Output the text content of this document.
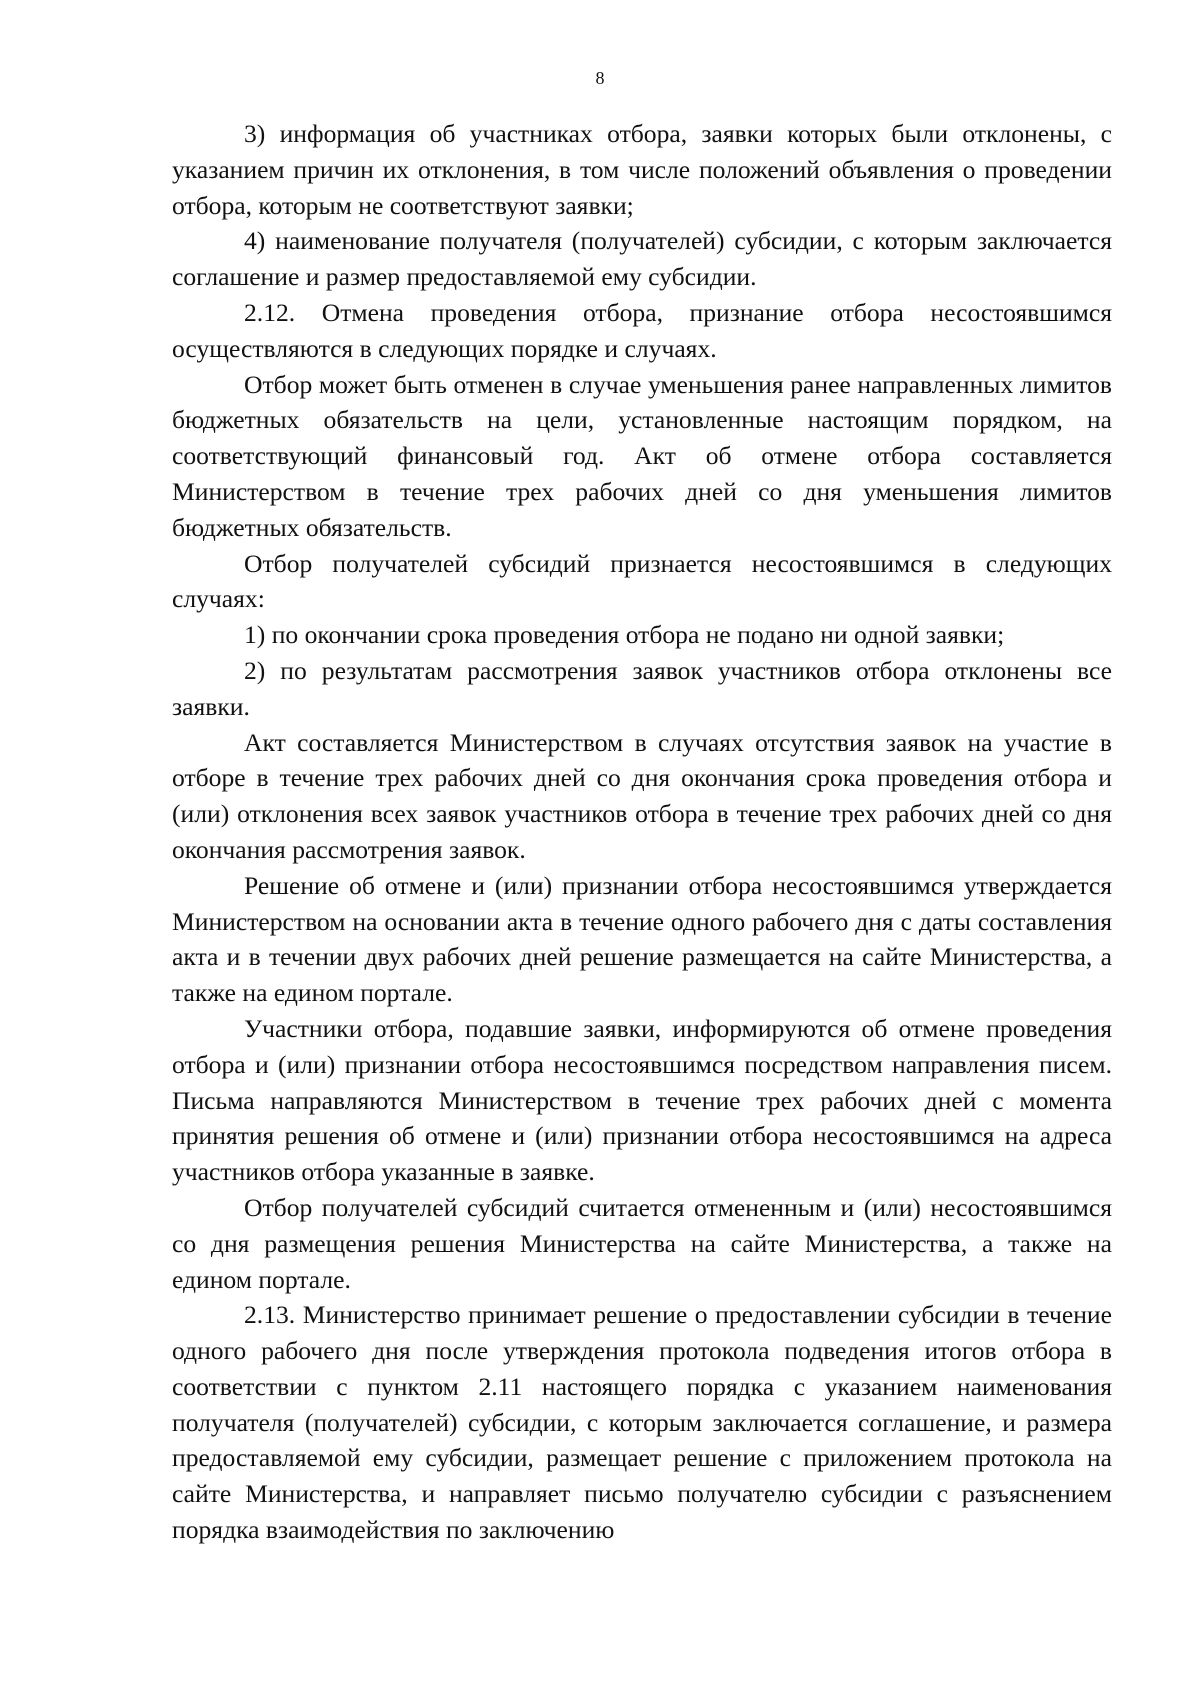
8

3) информация об участниках отбора, заявки которых были отклонены, с указанием причин их отклонения, в том числе положений объявления о проведении отбора, которым не соответствуют заявки;

4) наименование получателя (получателей) субсидии, с которым заключается соглашение и размер предоставляемой ему субсидии.

2.12. Отмена проведения отбора, признание отбора несостоявшимся осуществляются в следующих порядке и случаях.

Отбор может быть отменен в случае уменьшения ранее направленных лимитов бюджетных обязательств на цели, установленные настоящим порядком, на соответствующий финансовый год. Акт об отмене отбора составляется Министерством в течение трех рабочих дней со дня уменьшения лимитов бюджетных обязательств.

Отбор получателей субсидий признается несостоявшимся в следующих случаях:

1) по окончании срока проведения отбора не подано ни одной заявки;

2) по результатам рассмотрения заявок участников отбора отклонены все заявки.

Акт составляется Министерством в случаях отсутствия заявок на участие в отборе в течение трех рабочих дней со дня окончания срока проведения отбора и (или) отклонения всех заявок участников отбора в течение трех рабочих дней со дня окончания рассмотрения заявок.

Решение об отмене и (или) признании отбора несостоявшимся утверждается Министерством на основании акта в течение одного рабочего дня с даты составления акта и в течении двух рабочих дней решение размещается на сайте Министерства, а также на едином портале.

Участники отбора, подавшие заявки, информируются об отмене проведения отбора и (или) признании отбора несостоявшимся посредством направления писем. Письма направляются Министерством в течение трех рабочих дней с момента принятия решения об отмене и (или) признании отбора несостоявшимся на адреса участников отбора указанные в заявке.

Отбор получателей субсидий считается отмененным и (или) несостоявшимся со дня размещения решения Министерства на сайте Министерства, а также на едином портале.

2.13. Министерство принимает решение о предоставлении субсидии в течение одного рабочего дня после утверждения протокола подведения итогов отбора в соответствии с пунктом 2.11 настоящего порядка с указанием наименования получателя (получателей) субсидии, с которым заключается соглашение, и размера предоставляемой ему субсидии, размещает решение с приложением протокола на сайте Министерства, и направляет письмо получателю субсидии с разъяснением порядка взаимодействия по заключению
